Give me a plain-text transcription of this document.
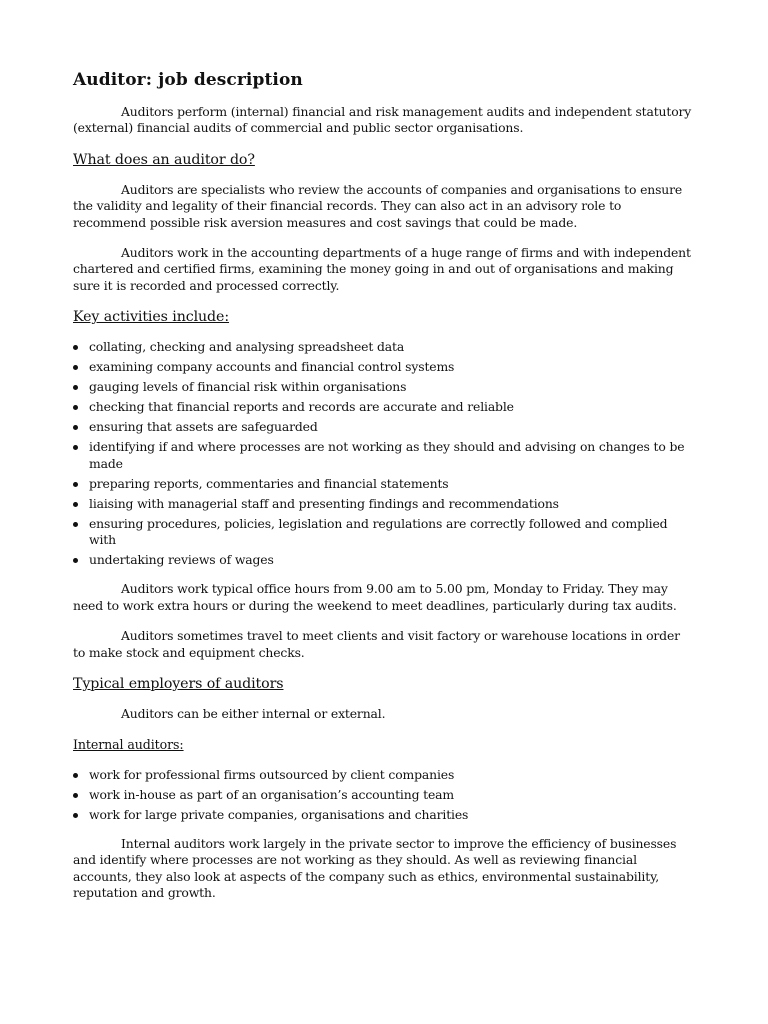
Auditor: job description

Auditors perform (internal) financial and risk management audits and independent statutory (external) financial audits of commercial and public sector organisations.

What does an auditor do?

Auditors are specialists who review the accounts of companies and organisations to ensure the validity and legality of their financial records. They can also act in an advisory role to recommend possible risk aversion measures and cost savings that could be made.

Auditors work in the accounting departments of a huge range of firms and with independent chartered and certified firms, examining the money going in and out of organisations and making sure it is recorded and processed correctly.

Key activities include:
collating, checking and analysing spreadsheet data
examining company accounts and financial control systems
gauging levels of financial risk within organisations
checking that financial reports and records are accurate and reliable
ensuring that assets are safeguarded
identifying if and where processes are not working as they should and advising on changes to be made
preparing reports, commentaries and financial statements
liaising with managerial staff and presenting findings and recommendations
ensuring procedures, policies, legislation and regulations are correctly followed and complied with
undertaking reviews of wages

Auditors work typical office hours from 9.00 am to 5.00 pm, Monday to Friday. They may need to work extra hours or during the weekend to meet deadlines, particularly during tax audits.

Auditors sometimes travel to meet clients and visit factory or warehouse locations in order to make stock and equipment checks.

Typical employers of auditors

Auditors can be either internal or external.

Internal auditors:
work for professional firms outsourced by client companies
work in-house as part of an organisation’s accounting team
work for large private companies, organisations and charities

Internal auditors work largely in the private sector to improve the efficiency of businesses and identify where processes are not working as they should. As well as reviewing financial accounts, they also look at aspects of the company such as ethics, environmental sustainability, reputation and growth.
